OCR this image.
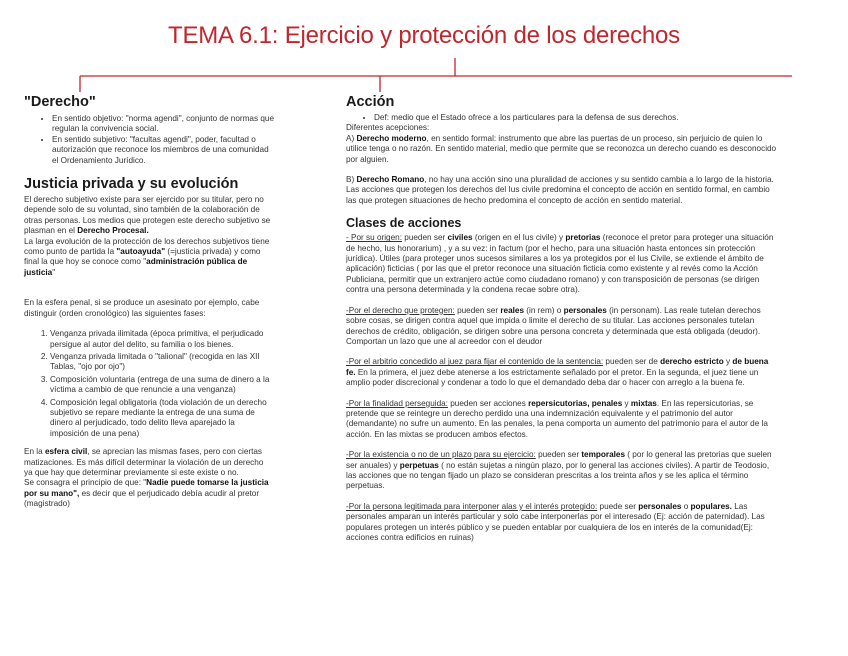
TEMA 6.1: Ejercicio y protección de los derechos
"Derecho"
• En sentido objetivo: "norma agendi", conjunto de normas que regulan la convivencia social.
• En sentido subjetivo: "facultas agendi", poder, facultad o autorización que reconoce los miembros de una comunidad el Ordenamiento Jurídico.
Justicia privada y su evolución

El derecho subjetivo existe para ser ejercido por su titular, pero no depende solo de su voluntad, sino también de la colaboración de otras personas. Los medios que protegen este derecho subjetivo se plasman en el Derecho Procesal.

La larga evolución de la protección de los derechos subjetivos tiene como punto de partida la "autoayuda" (=justicia privada) y como final la que hoy se conoce como "administración pública de justicia"

En la esfera penal, si se produce un asesinato por ejemplo, cabe distinguir (orden cronológico) las siguientes fases:

1. Venganza privada ilimitada (época primitiva, el perjudicado persigue al autor del delito, su familia o los bienes.
2. Venganza privada limitada o "talional" (recogida en las XII Tablas, "ojo por ojo")
3. Composición voluntaria (entrega de una suma de dinero a la víctima a cambio de que renuncie a una venganza)
4. Composición legal obligatoria (toda violación de un derecho subjetivo se repare mediante la entrega de una suma de dinero al perjudicado, todo delito lleva aparejado la imposición de una pena)

En la esfera civil, se aprecian las mismas fases, pero con ciertas matizaciones. Es más difícil determinar la violación de un derecho ya que hay que determinar previamente si este existe o no.

Se consagra el principio de que: "Nadie puede tomarse la justicia por su mano", es decir que el perjudicado debía acudir al pretor (magistrado)

Acción
• Def: medio que el Estado ofrece a los particulares para la defensa de sus derechos.

Diferentes acepciones:

A) Derecho moderno, en sentido formal: instrumento que abre las puertas de un proceso, sin perjuicio de quien lo utilice tenga o no razón. En sentido material, medio que permite que se reconozca un derecho cuando es desconocido por alguien.

B) Derecho Romano, no hay una acción sino una pluralidad de acciones y su sentido cambia a lo largo de la historia. Las acciones que protegen los derechos del Ius civile predomina el concepto de acción en sentido formal, en cambio las que protegen situaciones de hecho predomina el concepto de acción en sentido material.

Clases de acciones

- Por su origen: pueden ser civiles (origen en el Ius civile) y pretorias (reconoce el pretor para proteger una situación de hecho, Ius honorarium) , y a su vez: in factum (por el hecho, para una situación hasta entonces sin protección jurídica). Útiles (para proteger unos sucesos similares a los ya protegidos por el Ius Civile, se extiende el ámbito de aplicación) ficticias ( por las que el pretor reconoce una situación ficticia como existente y al revés como la Acción Publiciana, permitir que un extranjero actúe como ciudadano romano) y con transposición de personas (se dirigen contra una persona determinada y la condena recae sobre otra).

-Por el derecho que protegen: pueden ser reales (in rem) o personales (in personam). Las reale tutelan derechos sobre cosas, se dirigen contra aquel que impida o limite el derecho de su titular. Las acciones personales tutelan derechos de crédito, obligación, se dirigen sobre una persona concreta y determinada que está obligada (deudor). Comportan un lazo que une al acreedor con el deudor

-Por el arbitrio concedido al juez para fijar el contenido de la sentencia: pueden ser de derecho estricto y de buena fe. En la primera, el juez debe atenerse a los estrictamente señalado por el pretor. En la segunda, el juez tiene un amplio poder discrecional y condenar a todo lo que el demandado deba dar o hacer con arreglo a la buena fe.

-Por la finalidad perseguida: pueden ser acciones repersicutorias, penales y mixtas. En las repersicutorias, se pretende que se reintegre un derecho perdido una una indemnización equivalente y el patrimonio del autor (demandante) no sufre un aumento. En las penales, la pena comporta un aumento del patrimonio para el autor de la acción. En las mixtas se producen ambos efectos.

-Por la existencia o no de un plazo para su ejercicio: pueden ser temporales ( por lo general las pretorias que suelen ser anuales) y perpetuas ( no están sujetas a ningún plazo, por lo general las acciones civiles). A partir de Teodosio, las acciones que no tengan fijado un plazo se consideran prescritas a los treinta años y se les aplica el término perpetuas.

-Por la persona legitimada para interponer alas y el interés protegido: puede ser personales o populares. Las personales amparan un interés particular y solo cabe interponerlas por el interesado (Ej: acción de paternidad). Las populares protegen un interés público y se pueden entablar por cualquiera de los en interés de la comunidad(Ej: acciones contra edificios en ruinas)
